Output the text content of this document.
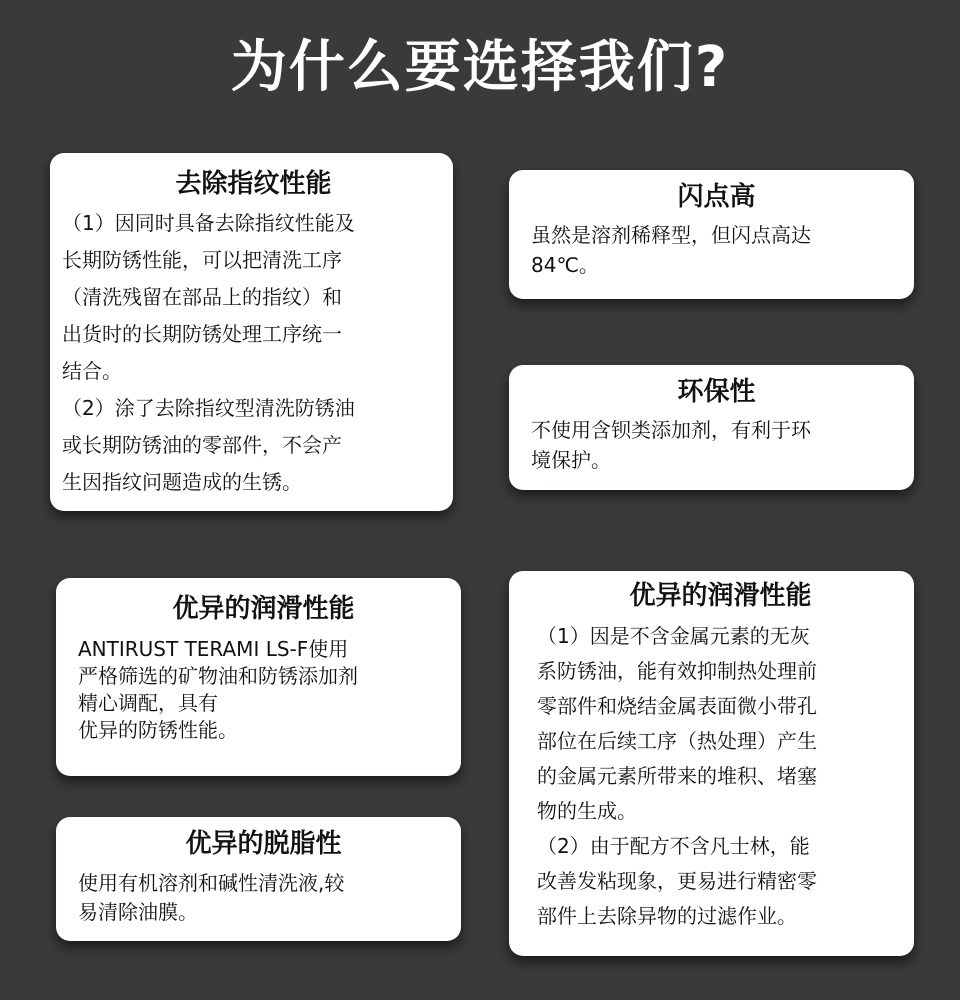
为什么要选择我们?
去除指纹性能

（1）因同时具备去除指纹性能及

长期防锈性能，可以把清洗工序

（清洗残留在部品上的指纹）和

出货时的长期防锈处理工序统一

结合。

（2）涂了去除指纹型清洗防锈油

或长期防锈油的零部件，不会产

生因指纹问题造成的生锈。

闪点高

虽然是溶剂稀释型，但闪点高达

84℃。

环保性

不使用含钡类添加剂，有利于环

境保护。

优异的润滑性能

ANTIRUST TERAMI LS-F使用

严格筛选的矿物油和防锈添加剂

精心调配，具有

优异的防锈性能。

优异的润滑性能

（1）因是不含金属元素的无灰

系防锈油，能有效抑制热处理前

零部件和烧结金属表面微小带孔

部位在后续工序（热处理）产生

的金属元素所带来的堆积、堵塞

物的生成。

（2）由于配方不含凡士林，能

改善发粘现象，更易进行精密零

部件上去除异物的过滤作业。

优异的脱脂性

使用有机溶剂和碱性清洗液,较

易清除油膜。
